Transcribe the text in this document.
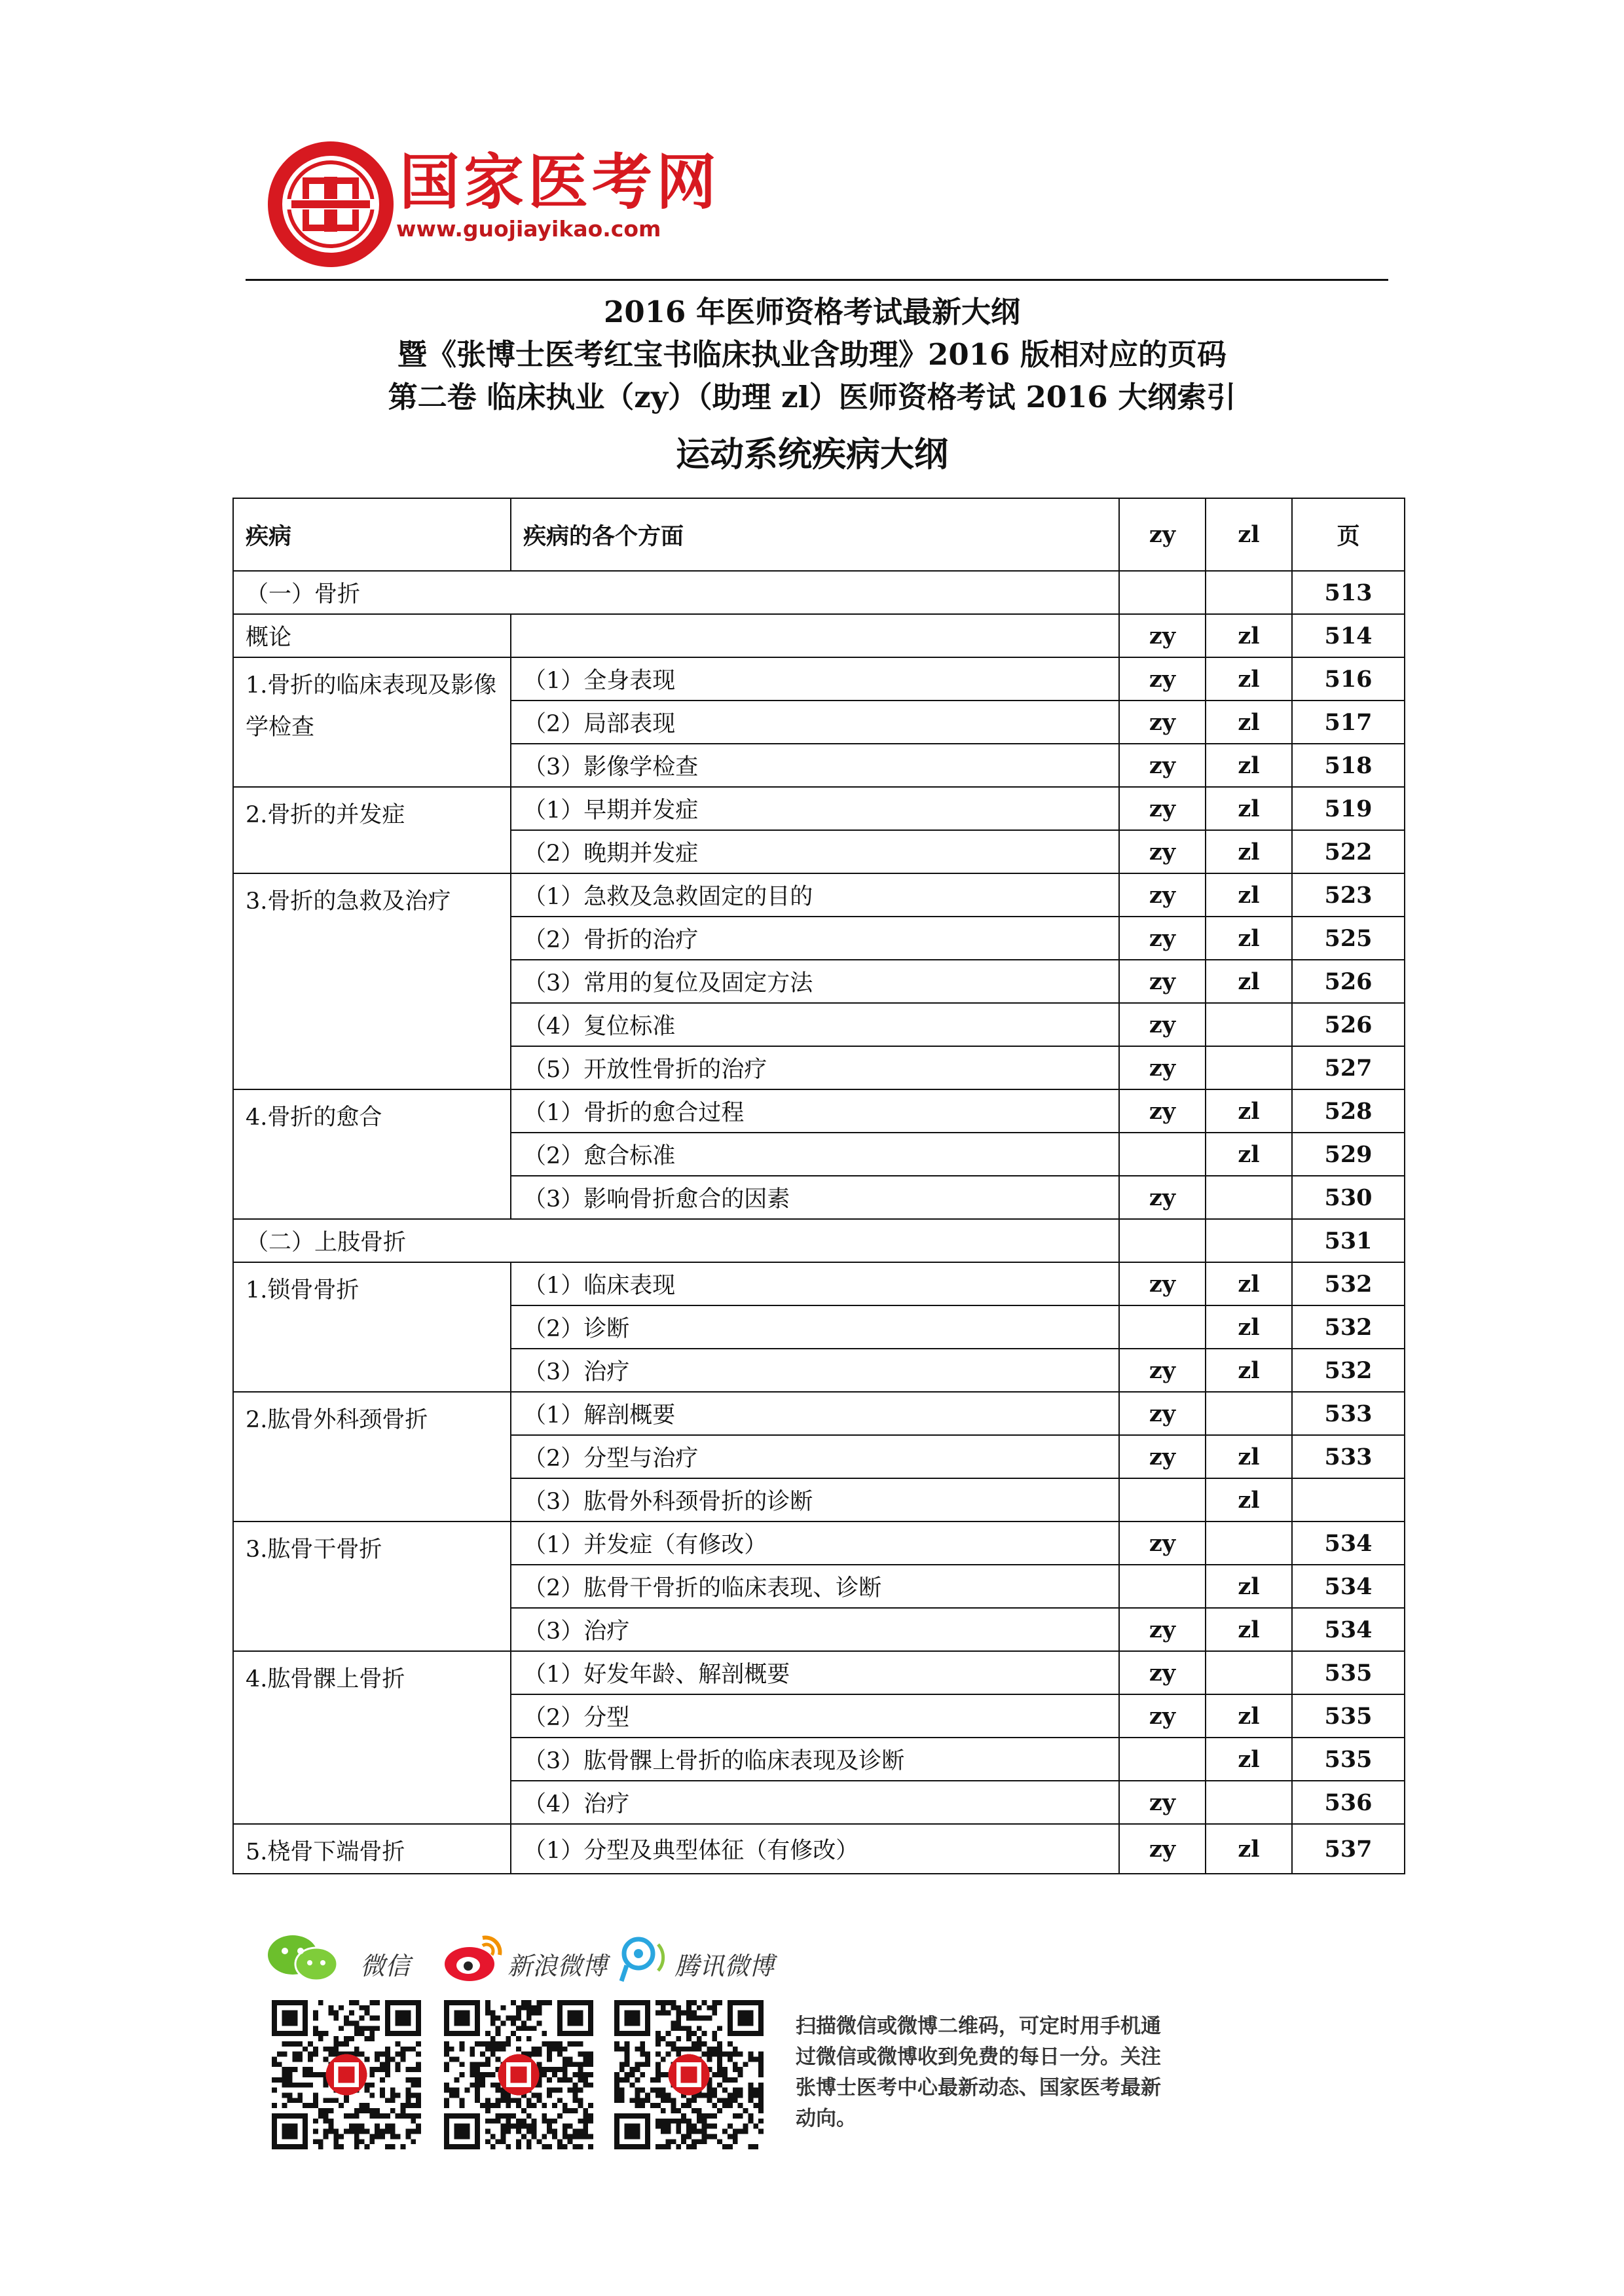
国家医考网
www.guojiayikao.com
2016 年医师资格考试最新大纲
暨《张博士医考红宝书临床执业含助理》2016 版相对应的页码
第二卷 临床执业（zy）（助理 zl）医师资格考试 2016 大纲索引
运动系统疾病大纲
疾病	疾病的各个方面	zy	zl	页
（一）骨折				513
概论		zy	zl	514
1.骨折的临床表现及影像学检查	（1）全身表现	zy	zl	516
	（2）局部表现	zy	zl	517
	（3）影像学检查	zy	zl	518
2.骨折的并发症	（1）早期并发症	zy	zl	519
	（2）晚期并发症	zy	zl	522
3.骨折的急救及治疗	（1）急救及急救固定的目的	zy	zl	523
	（2）骨折的治疗	zy	zl	525
	（3）常用的复位及固定方法	zy	zl	526
	（4）复位标准	zy		526
	（5）开放性骨折的治疗	zy		527
4.骨折的愈合	（1）骨折的愈合过程	zy	zl	528
	（2）愈合标准		zl	529
	（3）影响骨折愈合的因素	zy		530
（二）上肢骨折				531
1.锁骨骨折	（1）临床表现	zy	zl	532
	（2）诊断		zl	532
	（3）治疗	zy	zl	532
2.肱骨外科颈骨折	（1）解剖概要	zy		533
	（2）分型与治疗	zy	zl	533
	（3）肱骨外科颈骨折的诊断		zl	
3.肱骨干骨折	（1）并发症（有修改）	zy		534
	（2）肱骨干骨折的临床表现、诊断		zl	534
	（3）治疗	zy	zl	534
4.肱骨髁上骨折	（1）好发年龄、解剖概要	zy		535
	（2）分型	zy	zl	535
	（3）肱骨髁上骨折的临床表现及诊断		zl	535
	（4）治疗	zy		536
5.桡骨下端骨折	（1）分型及典型体征（有修改）	zy	zl	537
微信	新浪微博	腾讯微博
扫描微信或微博二维码，可定时用手机通过微信或微博收到免费的每日一分。关注张博士医考中心最新动态、国家医考最新动向。
